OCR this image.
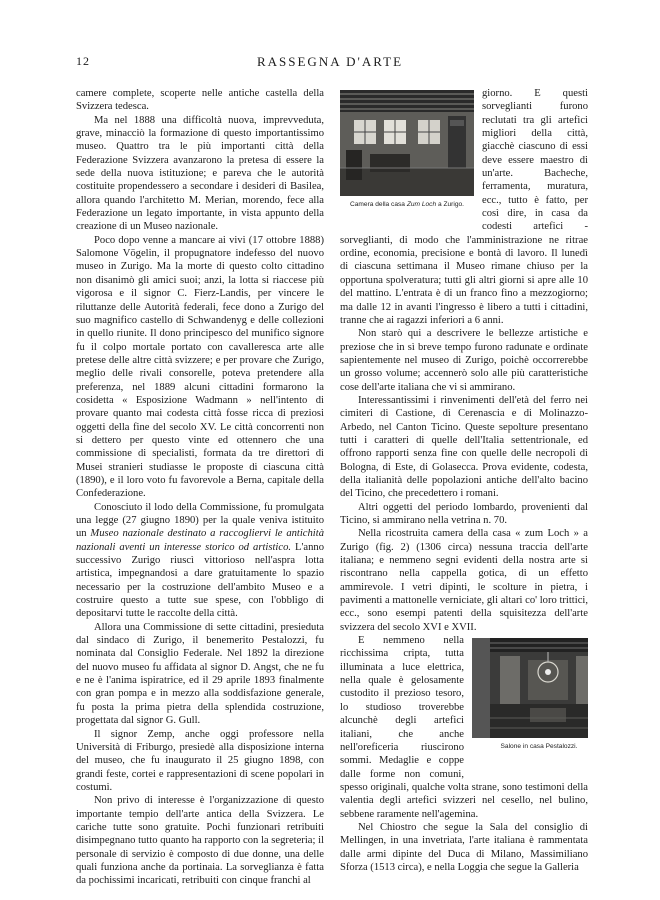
12	RASSEGNA D'ARTE

camere complete, scoperte nelle antiche castella della Svizzera tedesca.

Ma nel 1888 una difficoltà nuova, imprevveduta, grave, minacciò la formazione di questo importantissimo museo. Quattro tra le più importanti città della Federazione Svizzera avanzarono la pretesa di essere la sede della nuova istituzione; e pareva che le autorità costituite propendessero a secondare i desideri di Basilea, allora quando l'architetto M. Merian, morendo, fece alla Federazione un legato importante, in vista appunto della creazione di un Museo nazionale.

Poco dopo venne a mancare ai vivi (17 ottobre 1888) Salomone Vögelin, il propugnatore indefesso del nuovo museo in Zurigo. Ma la morte di questo colto cittadino non disanimò gli amici suoi; anzi, la lotta si riaccese più vigorosa e il signor C. Fierz-Landis, per vincere le riluttanze delle Autorità federali, fece dono a Zurigo del suo magnifico castello di Schwandenyg e delle collezioni in quello riunite. Il dono principesco del munifico signore fu il colpo mortale portato con cavalleresca arte alle pretese delle altre città svizzere; e per provare che Zurigo, meglio delle rivali consorelle, poteva pretendere alla preferenza, nel 1889 alcuni cittadini formarono la cosidetta « Esposizione Wadmann » nell'intento di provare quanto mai codesta città fosse ricca di preziosi oggetti della fine del secolo XV. Le città concorrenti non si dettero per questo vinte ed ottennero che una commissione di specialisti, formata da tre direttori di Musei stranieri studiasse le proposte di ciascuna città (1890), e il loro voto fu favorevole a Berna, capitale della Confederazione.

Conosciuto il lodo della Commissione, fu promulgata una legge (27 giugno 1890) per la quale veniva istituito un Museo nazionale destinato a raccogliervi le antichità nazionali aventi un interesse storico od artistico. L'anno successivo Zurigo riuscì vittorioso nell'aspra lotta artistica, impegnandosi a dare gratuitamente lo spazio necessario per la costruzione dell'ambito Museo e a costruire questo a tutte sue spese, con l'obbligo di depositarvi tutte le raccolte della città.

Allora una Commissione di sette cittadini, presieduta dal sindaco di Zurigo, il benemerito Pestalozzi, fu nominata dal Consiglio Federale. Nel 1892 la direzione del nuovo museo fu affidata al signor D. Angst, che ne fu e ne è l'anima ispiratrice, ed il 29 aprile 1893 finalmente con gran pompa e in mezzo alla soddisfazione generale, fu posta la prima pietra della splendida costruzione, progettata dal signor G. Gull.

Il signor Zemp, anche oggi professore nella Università di Friburgo, presiedè alla disposizione interna del museo, che fu inaugurato il 25 giugno 1898, con grandi feste, cortei e rappresentazioni di scene popolari in costumi.

Non privo di interesse è l'organizzazione di questo importante tempio dell'arte antica della Svizzera. Le cariche tutte sono gratuite. Pochi funzionari retribuiti disimpegnano tutto quanto ha rapporto con la segreteria; il personale di servizio è composto di due donne, una delle quali funziona anche da portinaia. La sorveglianza è fatta da pochissimi incaricati, retribuiti con cinque franchi al

Camera della casa Zum Loch a Zurigo.
giorno. E questi sorveglianti furono reclutati tra gli artefici migliori della città, giacchè ciascuno di essi deve essere maestro di un'arte. Bacheche, ferramenta, muratura, ecc., tutto è fatto, per così dire, in casa da codesti artefici - sorveglianti, di modo che l'amministrazione ne ritrae ordine, economia, precisione e bontà di lavoro. Il lunedì di ciascuna settimana il Museo rimane chiuso per la opportuna spolveratura; tutti gli altri giorni si apre alle 10 del mattino. L'entrata è di un franco fino a mezzogiorno; ma dalle 12 in avanti l'ingresso è libero a tutti i cittadini, tranne che ai ragazzi inferiori a 6 anni.

Non starò qui a descrivere le bellezze artistiche e preziose che in sì breve tempo furono radunate e ordinate sapientemente nel museo di Zurigo, poichè occorrerebbe un grosso volume; accennerò solo alle più caratteristiche cose dell'arte italiana che vi si ammirano.

Interessantissimi i rinvenimenti dell'età del ferro nei cimiteri di Castione, di Cerenascia e di Molinazzo-Arbedo, nel Canton Ticino. Queste sepolture presentano tutti i caratteri di quelle dell'Italia settentrionale, ed offrono rapporti senza fine con quelle delle necropoli di Bologna, di Este, di Golasecca. Prova evidente, codesta, della italianità delle popolazioni antiche dell'alto bacino del Ticino, che precedettero i romani.

Altri oggetti del periodo lombardo, provenienti dal Ticino, si ammirano nella vetrina n. 70.

Nella ricostruita camera della casa « zum Loch » a Zurigo (fig. 2) (1306 circa) nessuna traccia dell'arte italiana; e nemmeno segni evidenti della nostra arte si riscontrano nella cappella gotica, di un effetto ammirevole. I vetri dipinti, le scolture in pietra, i pavimenti a mattonelle verniciate, gli altari co' loro trittici, ecc., sono esempi patenti della squisitezza dell'arte svizzera del secolo XVI e XVII.

Salone in casa Pestalozzi.
E nemmeno nella ricchissima cripta, tutta illuminata a luce elettrica, nella quale è gelosamente custodito il prezioso tesoro, lo studioso troverebbe alcunchè degli artefici italiani, che anche nell'oreficeria riuscirono sommi. Medaglie e coppe dalle forme non comuni, spesso originali, qualche volta strane, sono testimoni della valentia degli artefici svizzeri nel cesello, nel bulino, sebbene raramente nell'agemina.

Nel Chiostro che segue la Sala del consiglio di Mellingen, in una invetriata, l'arte italiana è rammentata dalle armi dipinte del Duca di Milano, Massimiliano Sforza (1513 circa), e nella Loggia che segue la Galleria
